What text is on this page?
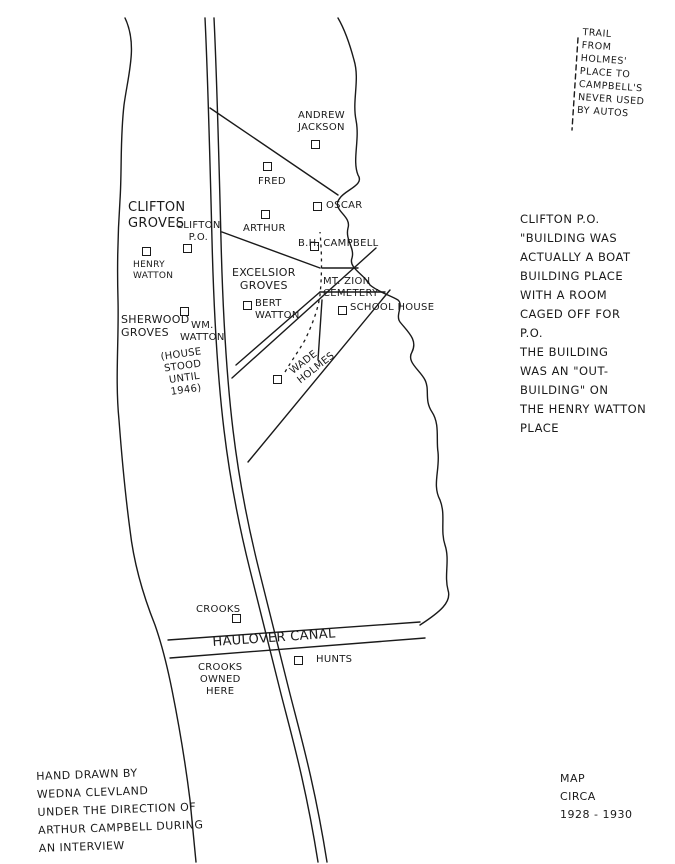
ANDREW
JACKSON
FRED
OSCAR
ARTHUR
B.H. CAMPBELL
CLIFTON
GROVES
CLIFTON
P.O.
HENRY
WATTON	EXCELSIOR
GROVES
BERT
WATTON
MT. ZION
CEMETERY
SCHOOL HOUSE
SHERWOOD
GROVES
WM.
WATTON
(HOUSE
STOOD
UNTIL
1946)
WADE
HOLMES
CROOKS
HAULOVER CANAL
CROOKS
OWNED
HERE
HUNTS
TRAIL
FROM
HOLMES'
PLACE TO
CAMPBELL'S
NEVER USED
BY AUTOS
CLIFTON P.O.
"BUILDING WAS
ACTUALLY A BOAT
BUILDING PLACE
WITH A ROOM
CAGED OFF FOR
P.O.
THE BUILDING
WAS AN "OUT-
BUILDING" ON
THE HENRY WATTON
PLACE
HAND DRAWN BY
WEDNA CLEVLAND
UNDER THE DIRECTION OF
ARTHUR CAMPBELL DURING
AN INTERVIEW
MAP
CIRCA
1928 - 1930
